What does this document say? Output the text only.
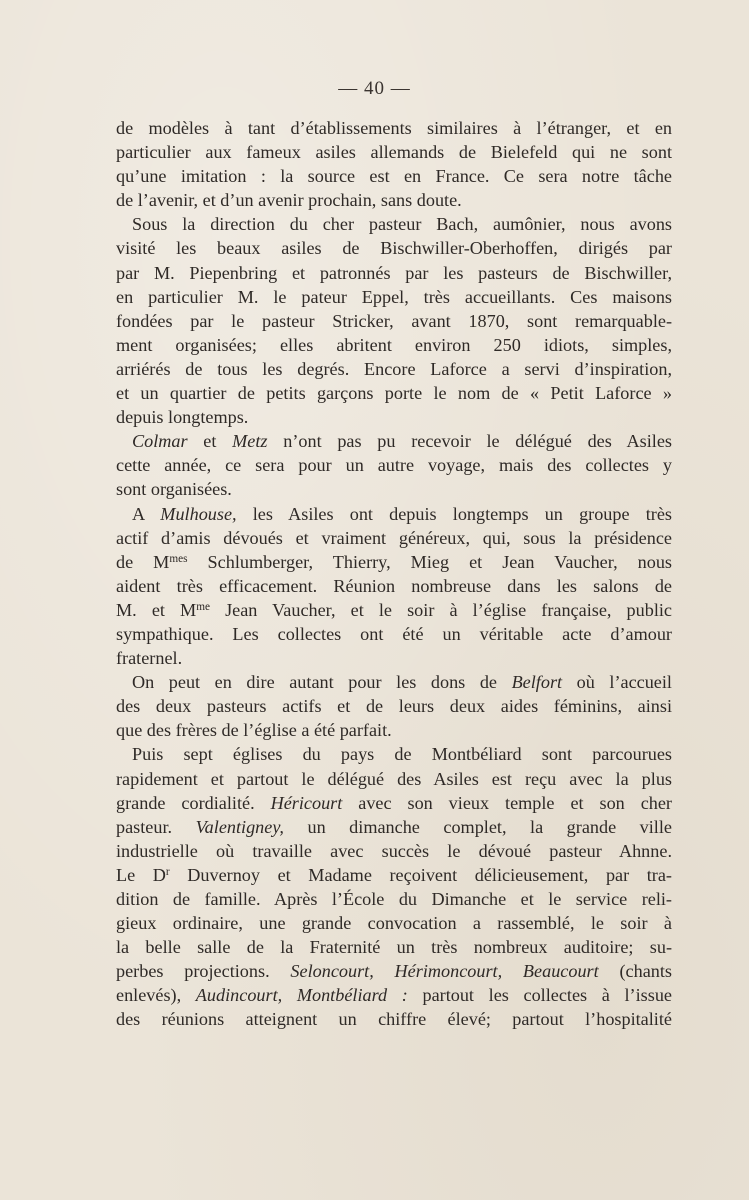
— 40 —
de modèles à tant d’établissements similaires à l’étranger, et en
particulier aux fameux asiles allemands de Bielefeld qui ne sont
qu’une imitation : la source est en France. Ce sera notre tâche
de l’avenir, et d’un avenir prochain, sans doute.
Sous la direction du cher pasteur Bach, aumônier, nous avons
visité les beaux asiles de Bischwiller-Oberhoffen, dirigés par
par M. Piepenbring et patronnés par les pasteurs de Bischwiller,
en particulier M. le pateur Eppel, très accueillants. Ces maisons
fondées par le pasteur Stricker, avant 1870, sont remarquable-
ment organisées; elles abritent environ 250 idiots, simples,
arriérés de tous les degrés. Encore Laforce a servi d’inspiration,
et un quartier de petits garçons porte le nom de « Petit Laforce »
depuis longtemps.
Colmar et Metz n’ont pas pu recevoir le délégué des Asiles
cette année, ce sera pour un autre voyage, mais des collectes y
sont organisées.
A Mulhouse, les Asiles ont depuis longtemps un groupe très
actif d’amis dévoués et vraiment généreux, qui, sous la présidence
de $M^{mes}$ Schlumberger, Thierry, Mieg et Jean Vaucher, nous
aident très efficacement. Réunion nombreuse dans les salons de
M. et $M^{me}$ Jean Vaucher, et le soir à l’église française, public
sympathique. Les collectes ont été un véritable acte d’amour
fraternel.
On peut en dire autant pour les dons de Belfort où l’accueil
des deux pasteurs actifs et de leurs deux aides féminins, ainsi
que des frères de l’église a été parfait.
Puis sept églises du pays de Montbéliard sont parcourues
rapidement et partout le délégué des Asiles est reçu avec la plus
grande cordialité. Héricourt avec son vieux temple et son cher
pasteur. Valentigney, un dimanche complet, la grande ville
industrielle où travaille avec succès le dévoué pasteur Ahnne.
Le $D^r$ Duvernoy et Madame reçoivent délicieusement, par tra-
dition de famille. Après l’École du Dimanche et le service reli-
gieux ordinaire, une grande convocation a rassemblé, le soir à
la belle salle de la Fraternité un très nombreux auditoire; su-
perbes projections. Seloncourt, Hérimoncourt, Beaucourt (chants
enlevés), Audincourt, Montbéliard : partout les collectes à l’issue
des réunions atteignent un chiffre élevé; partout l’hospitalité
